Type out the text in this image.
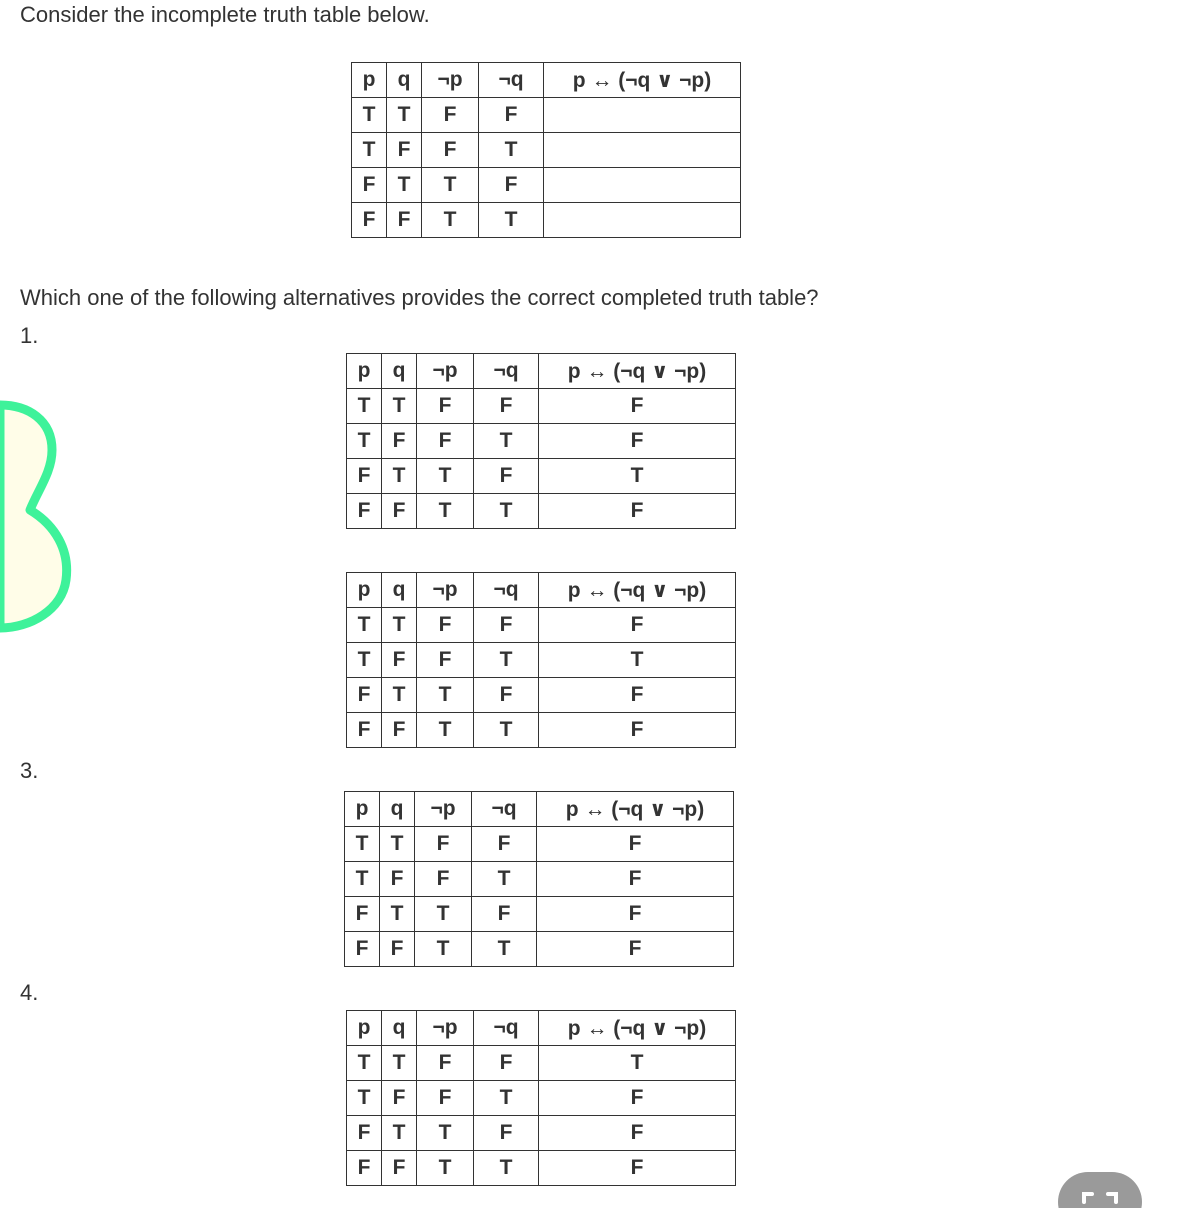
Consider the incomplete truth table below.
p	q	¬p	¬q	p ↔ (¬q ∨ ¬p)
T	T	F	F	
T	F	F	T	
F	T	T	F	
F	F	T	T	
Which one of the following alternatives provides the correct completed truth table?
1.
3.
4.
p	q	¬p	¬q	p ↔ (¬q ∨ ¬p)
T	T	F	F	F
T	F	F	T	F
F	T	T	F	T
F	F	T	T	F
p	q	¬p	¬q	p ↔ (¬q ∨ ¬p)
T	T	F	F	F
T	F	F	T	T
F	T	T	F	F
F	F	T	T	F
p	q	¬p	¬q	p ↔ (¬q ∨ ¬p)
T	T	F	F	F
T	F	F	T	F
F	T	T	F	F
F	F	T	T	F
p	q	¬p	¬q	p ↔ (¬q ∨ ¬p)
T	T	F	F	T
T	F	F	T	F
F	T	T	F	F
F	F	T	T	F
